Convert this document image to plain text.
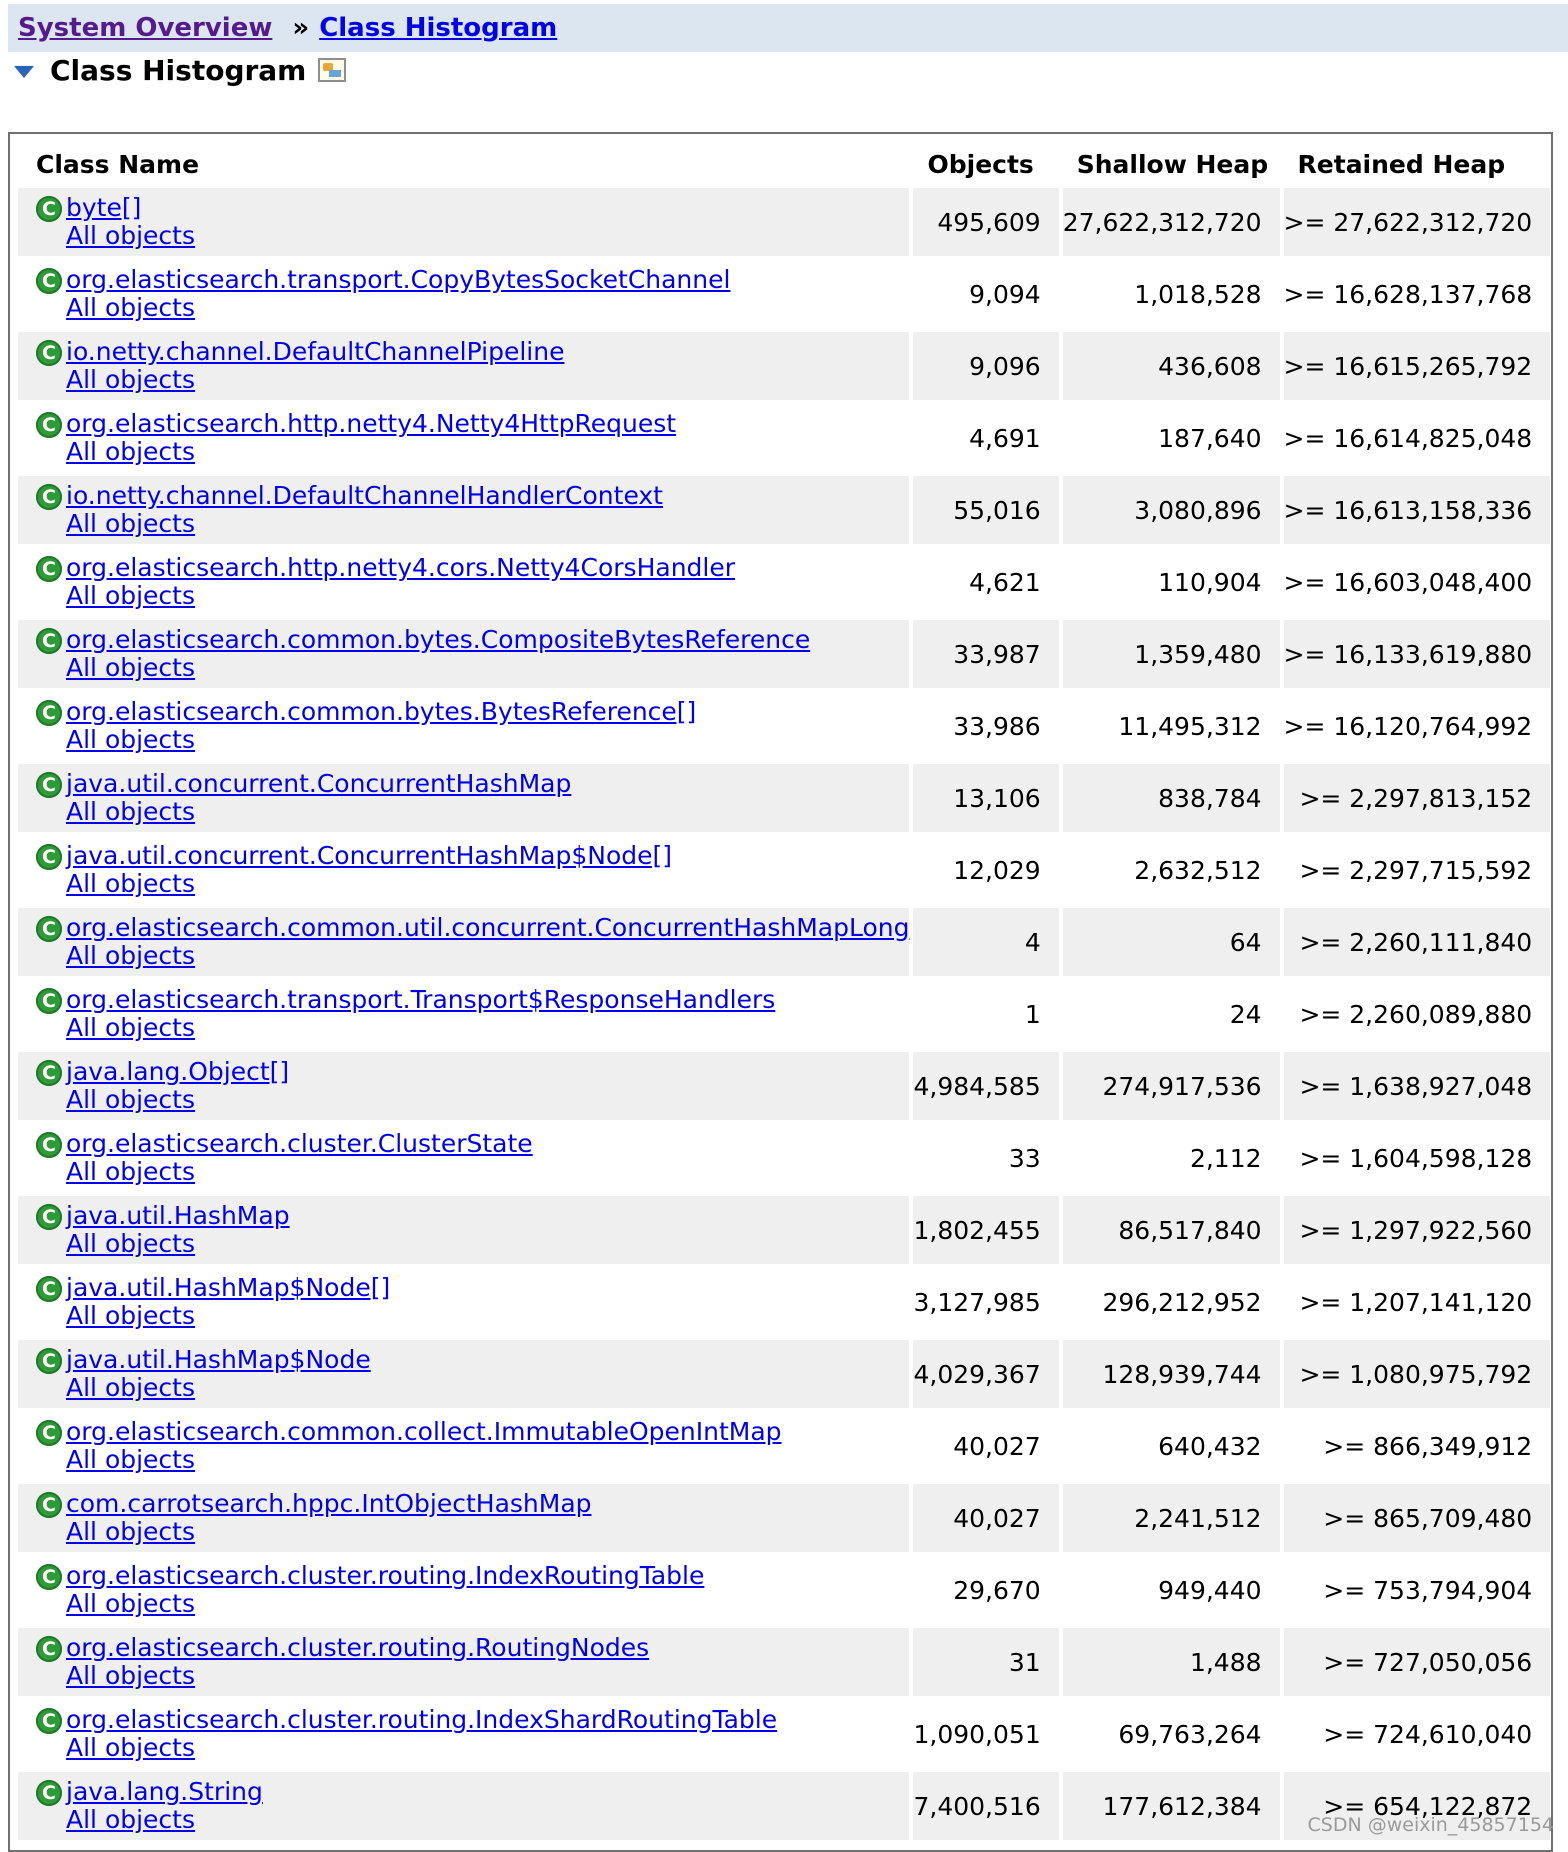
System Overview » Class Histogram
Class Histogram
Class Name	Objects	Shallow Heap	Retained Heap

C byte[]
All objects	495,609	27,622,312,720	>= 27,622,312,720

C org.elasticsearch.transport.CopyBytesSocketChannel
All objects	9,094	1,018,528	>= 16,628,137,768

C io.netty.channel.DefaultChannelPipeline
All objects	9,096	436,608	>= 16,615,265,792

C org.elasticsearch.http.netty4.Netty4HttpRequest
All objects	4,691	187,640	>= 16,614,825,048

C io.netty.channel.DefaultChannelHandlerContext
All objects	55,016	3,080,896	>= 16,613,158,336

C org.elasticsearch.http.netty4.cors.Netty4CorsHandler
All objects	4,621	110,904	>= 16,603,048,400

C org.elasticsearch.common.bytes.CompositeBytesReference
All objects	33,987	1,359,480	>= 16,133,619,880

C org.elasticsearch.common.bytes.BytesReference[]
All objects	33,986	11,495,312	>= 16,120,764,992

C java.util.concurrent.ConcurrentHashMap
All objects	13,106	838,784	>= 2,297,813,152

C java.util.concurrent.ConcurrentHashMap$Node[]
All objects	12,029	2,632,512	>= 2,297,715,592

C org.elasticsearch.common.util.concurrent.ConcurrentHashMapLong
All objects	4	64	>= 2,260,111,840

C org.elasticsearch.transport.Transport$ResponseHandlers
All objects	1	24	>= 2,260,089,880

C java.lang.Object[]
All objects	4,984,585	274,917,536	>= 1,638,927,048

C org.elasticsearch.cluster.ClusterState
All objects	33	2,112	>= 1,604,598,128

C java.util.HashMap
All objects	1,802,455	86,517,840	>= 1,297,922,560

C java.util.HashMap$Node[]
All objects	3,127,985	296,212,952	>= 1,207,141,120

C java.util.HashMap$Node
All objects	4,029,367	128,939,744	>= 1,080,975,792

C org.elasticsearch.common.collect.ImmutableOpenIntMap
All objects	40,027	640,432	>= 866,349,912

C com.carrotsearch.hppc.IntObjectHashMap
All objects	40,027	2,241,512	>= 865,709,480

C org.elasticsearch.cluster.routing.IndexRoutingTable
All objects	29,670	949,440	>= 753,794,904

C org.elasticsearch.cluster.routing.RoutingNodes
All objects	31	1,488	>= 727,050,056

C org.elasticsearch.cluster.routing.IndexShardRoutingTable
All objects	1,090,051	69,763,264	>= 724,610,040

C java.lang.String
All objects	7,400,516	177,612,384	>= 654,122,872
CSDN @weixin_45857154
